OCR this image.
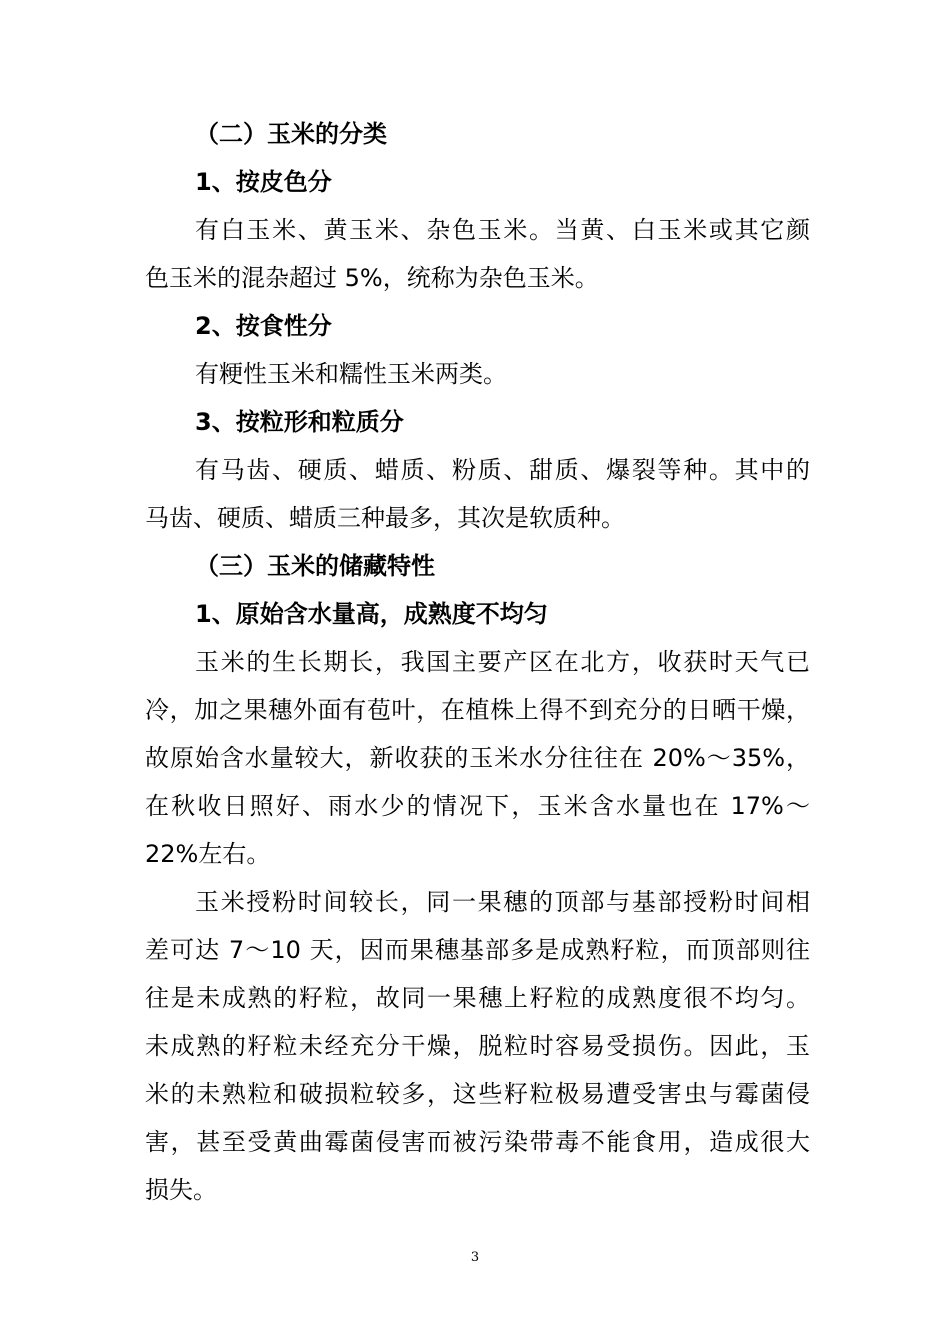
（二）玉米的分类
1、按皮色分
有白玉米、黄玉米、杂色玉米。当黄、白玉米或其它颜
色玉米的混杂超过 5%，统称为杂色玉米。
2、按食性分
有粳性玉米和糯性玉米两类。
3、按粒形和粒质分
有马齿、硬质、蜡质、粉质、甜质、爆裂等种。其中的
马齿、硬质、蜡质三种最多，其次是软质种。
（三）玉米的储藏特性
1、原始含水量高，成熟度不均匀
玉米的生长期长，我国主要产区在北方，收获时天气已
冷，加之果穗外面有苞叶，在植株上得不到充分的日晒干燥，
故原始含水量较大，新收获的玉米水分往往在 20%～35%，
在秋收日照好、雨水少的情况下，玉米含水量也在 17%～
22%左右。
玉米授粉时间较长，同一果穗的顶部与基部授粉时间相
差可达 7～10 天，因而果穗基部多是成熟籽粒，而顶部则往
往是未成熟的籽粒，故同一果穗上籽粒的成熟度很不均匀。
未成熟的籽粒未经充分干燥，脱粒时容易受损伤。因此，玉
米的未熟粒和破损粒较多，这些籽粒极易遭受害虫与霉菌侵
害，甚至受黄曲霉菌侵害而被污染带毒不能食用，造成很大
损失。
3
